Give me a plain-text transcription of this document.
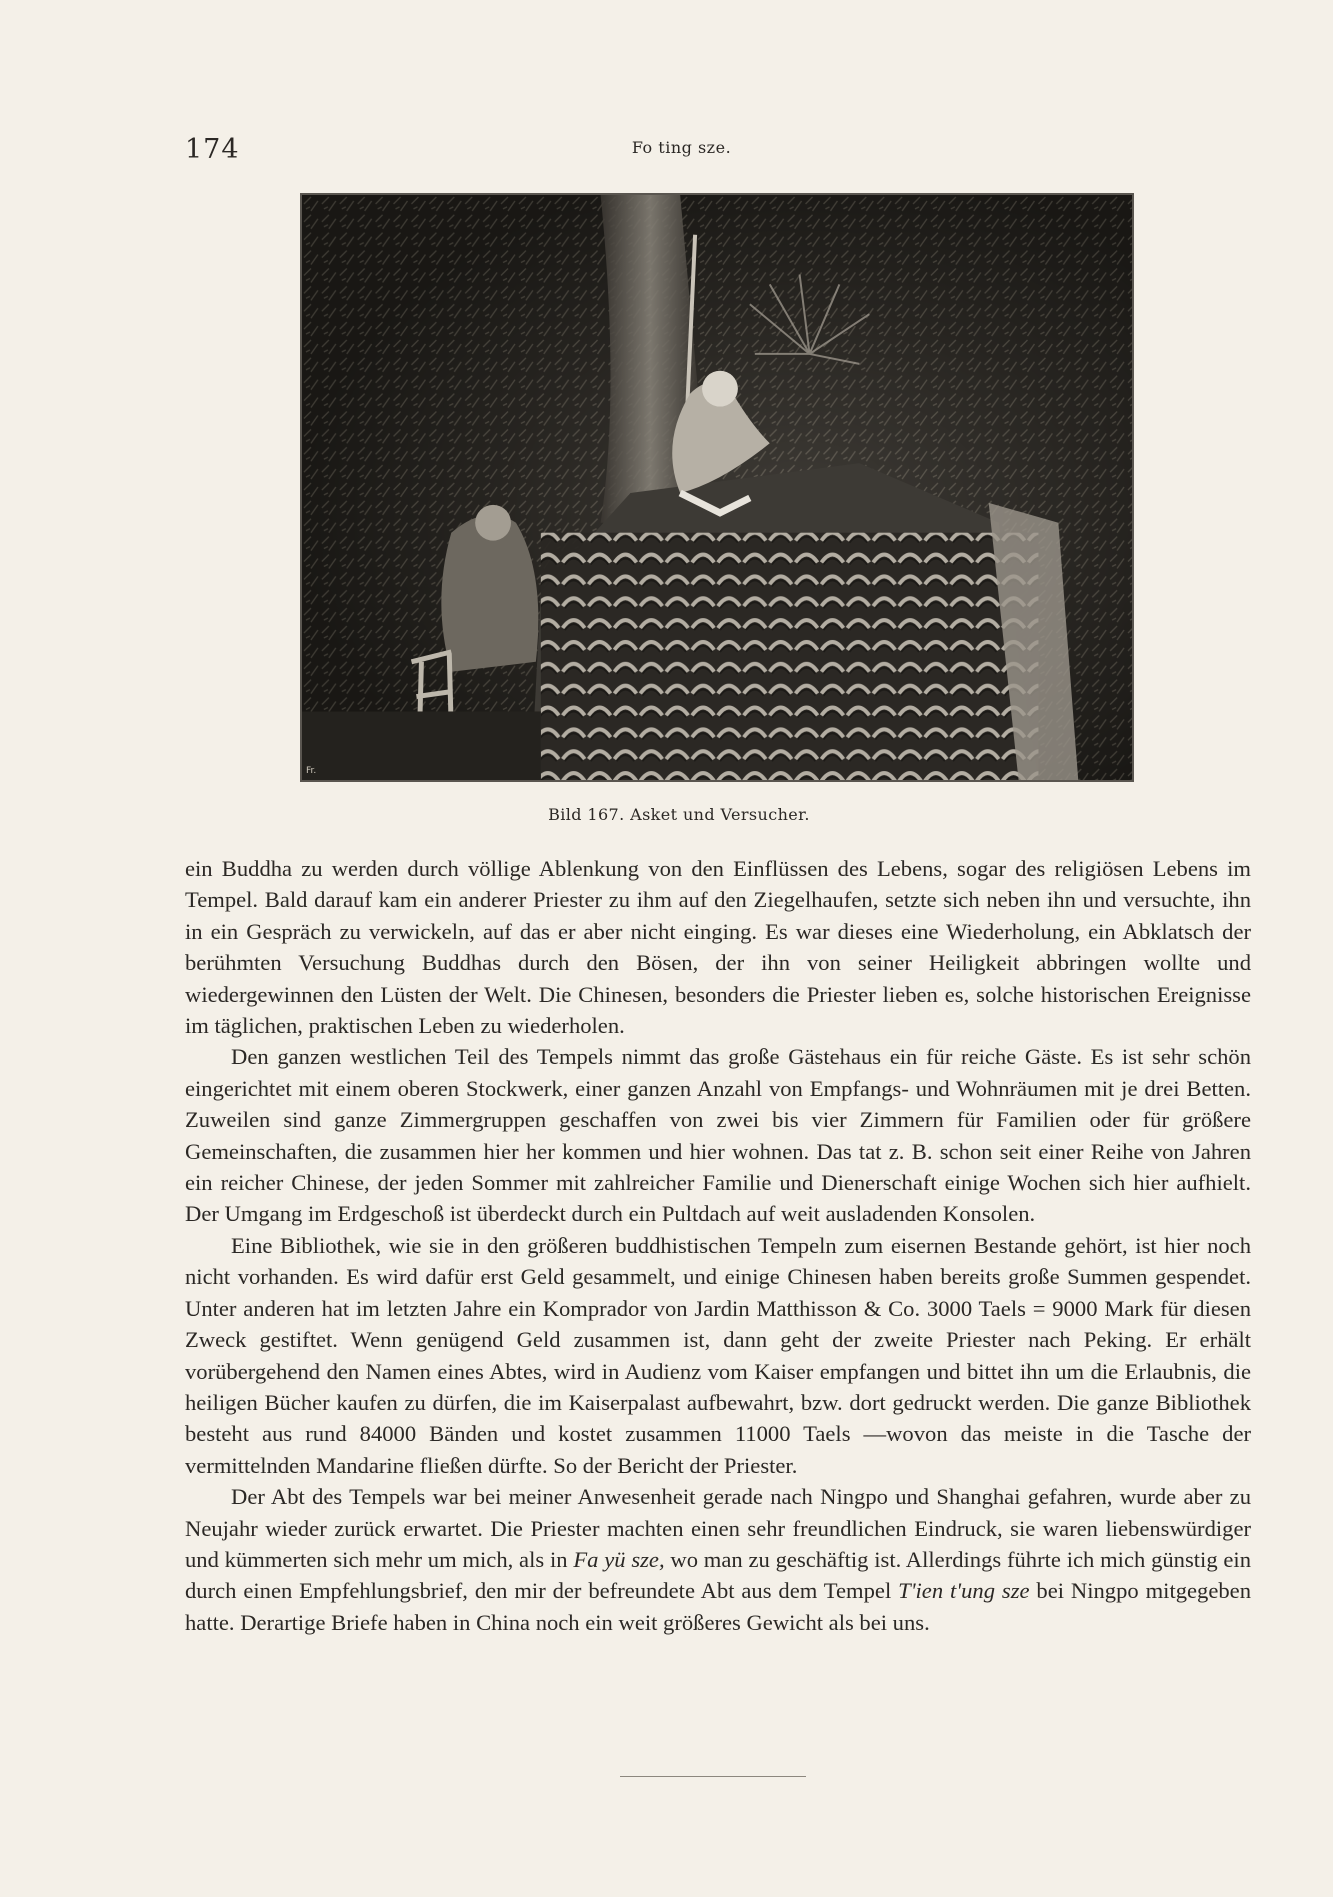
174	Fo ting sze.
Fr.
Bild 167. Asket und Versucher.

ein Buddha zu werden durch völlige Ablenkung von den Einflüssen des Lebens, sogar des religiösen Lebens im Tempel. Bald darauf kam ein anderer Priester zu ihm auf den Ziegelhaufen, setzte sich neben ihn und versuchte, ihn in ein Gespräch zu verwickeln, auf das er aber nicht einging. Es war dieses eine Wiederholung, ein Abklatsch der berühmten Versuchung Buddhas durch den Bösen, der ihn von seiner Heiligkeit abbringen wollte und wiedergewinnen den Lüsten der Welt. Die Chinesen, besonders die Priester lieben es, solche historischen Ereignisse im täglichen, praktischen Leben zu wiederholen.

Den ganzen westlichen Teil des Tempels nimmt das große Gästehaus ein für reiche Gäste. Es ist sehr schön eingerichtet mit einem oberen Stockwerk, einer ganzen Anzahl von Empfangs- und Wohnräumen mit je drei Betten. Zuweilen sind ganze Zimmergruppen geschaffen von zwei bis vier Zimmern für Familien oder für größere Gemeinschaften, die zusammen hier her kommen und hier wohnen. Das tat z. B. schon seit einer Reihe von Jahren ein reicher Chinese, der jeden Sommer mit zahlreicher Familie und Dienerschaft einige Wochen sich hier aufhielt. Der Umgang im Erdgeschoß ist überdeckt durch ein Pultdach auf weit ausladenden Konsolen.

Eine Bibliothek, wie sie in den größeren buddhistischen Tempeln zum eisernen Bestande gehört, ist hier noch nicht vorhanden. Es wird dafür erst Geld gesammelt, und einige Chinesen haben bereits große Summen gespendet. Unter anderen hat im letzten Jahre ein Komprador von Jardin Matthisson & Co. 3000 Taels = 9000 Mark für diesen Zweck gestiftet. Wenn genügend Geld zusammen ist, dann geht der zweite Priester nach Peking. Er erhält vorübergehend den Namen eines Abtes, wird in Audienz vom Kaiser empfangen und bittet ihn um die Erlaubnis, die heiligen Bücher kaufen zu dürfen, die im Kaiserpalast aufbewahrt, bzw. dort gedruckt werden. Die ganze Bibliothek besteht aus rund 84000 Bänden und kostet zusammen 11000 Taels —wovon das meiste in die Tasche der vermittelnden Mandarine fließen dürfte. So der Bericht der Priester.

Der Abt des Tempels war bei meiner Anwesenheit gerade nach Ningpo und Shanghai gefahren, wurde aber zu Neujahr wieder zurück erwartet. Die Priester machten einen sehr freundlichen Eindruck, sie waren liebenswürdiger und kümmerten sich mehr um mich, als in Fa yü sze, wo man zu geschäftig ist. Allerdings führte ich mich günstig ein durch einen Empfehlungsbrief, den mir der befreundete Abt aus dem Tempel T'ien t'ung sze bei Ningpo mitgegeben hatte. Derartige Briefe haben in China noch ein weit größeres Gewicht als bei uns.
